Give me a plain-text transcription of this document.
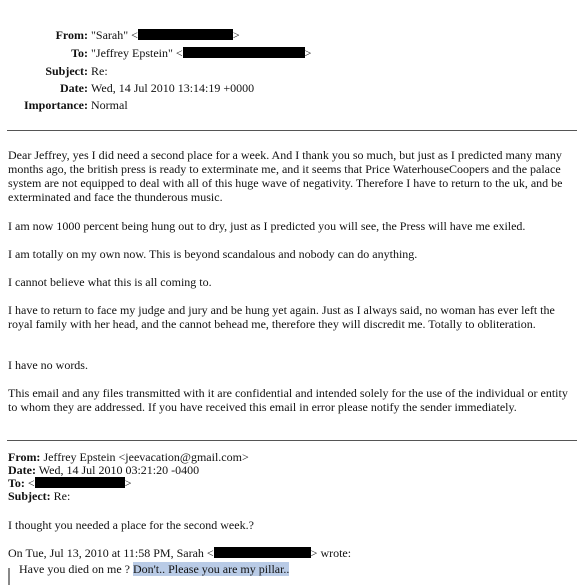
From: "Sarah" <	>
To: "Jeffrey Epstein" <	>
Subject: Re:
Date: Wed, 14 Jul 2010 13:14:19 +0000
Importance: Normal

Dear Jeffrey, yes I did need a second place for a week. And I thank you so much, but just as I predicted many many months ago, the british press is ready to exterminate me, and it seems that Price WaterhouseCoopers and the palace system are not equipped to deal with all of this huge wave of negativity. Therefore I have to return to the uk, and be exterminated and face the thunderous music.

I am now 1000 percent being hung out to dry, just as I predicted you will see, the Press will have me exiled.

I am totally on my own now. This is beyond scandalous and nobody can do anything.

I cannot believe what this is all coming to.

I have to return to face my judge and jury and be hung yet again. Just as I always said, no woman has ever left the royal family with her head, and the cannot behead me, therefore they will discredit me. Totally to obliteration.

I have no words.

This email and any files transmitted with it are confidential and intended solely for the use of the individual or entity to whom they are addressed. If you have received this email in error please notify the sender immediately.

From: Jeffrey Epstein <jeevacation@gmail.com>
Date: Wed, 14 Jul 2010 03:21:20 -0400
To: <	>
Subject: Re:

I thought you needed a place for the second week.?

On Tue, Jul 13, 2010 at 11:58 PM, Sarah <	> wrote:
Have you died on me ? Don't.. Please you are my pillar..
